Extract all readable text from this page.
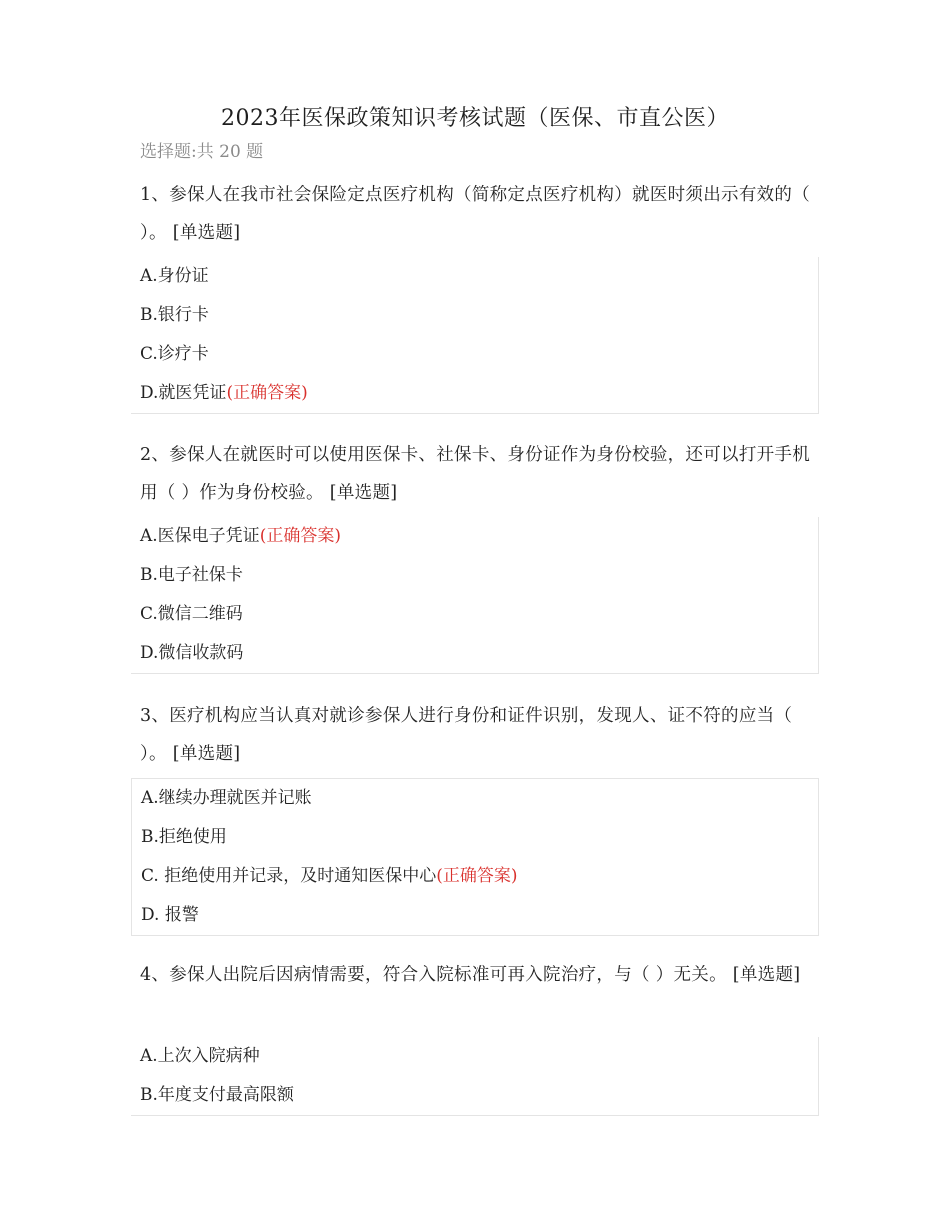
2023年医保政策知识考核试题（医保、市直公医）
选择题:共 20 题
1、参保人在我市社会保险定点医疗机构（简称定点医疗机构）就医时须出示有效的（ ）。 [单选题]
A.身份证
B.银行卡
C.诊疗卡
D.就医凭证(正确答案)
2、参保人在就医时可以使用医保卡、社保卡、身份证作为身份校验，还可以打开手机用（ ）作为身份校验。 [单选题]
A.医保电子凭证(正确答案)
B.电子社保卡
C.微信二维码
D.微信收款码
3、医疗机构应当认真对就诊参保人进行身份和证件识别，发现人、证不符的应当（ ）。 [单选题]
A.继续办理就医并记账
B.拒绝使用
C. 拒绝使用并记录，及时通知医保中心(正确答案)
D. 报警
4、参保人出院后因病情需要，符合入院标准可再入院治疗，与（ ）无关。 [单选题]
A.上次入院病种
B.年度支付最高限额
